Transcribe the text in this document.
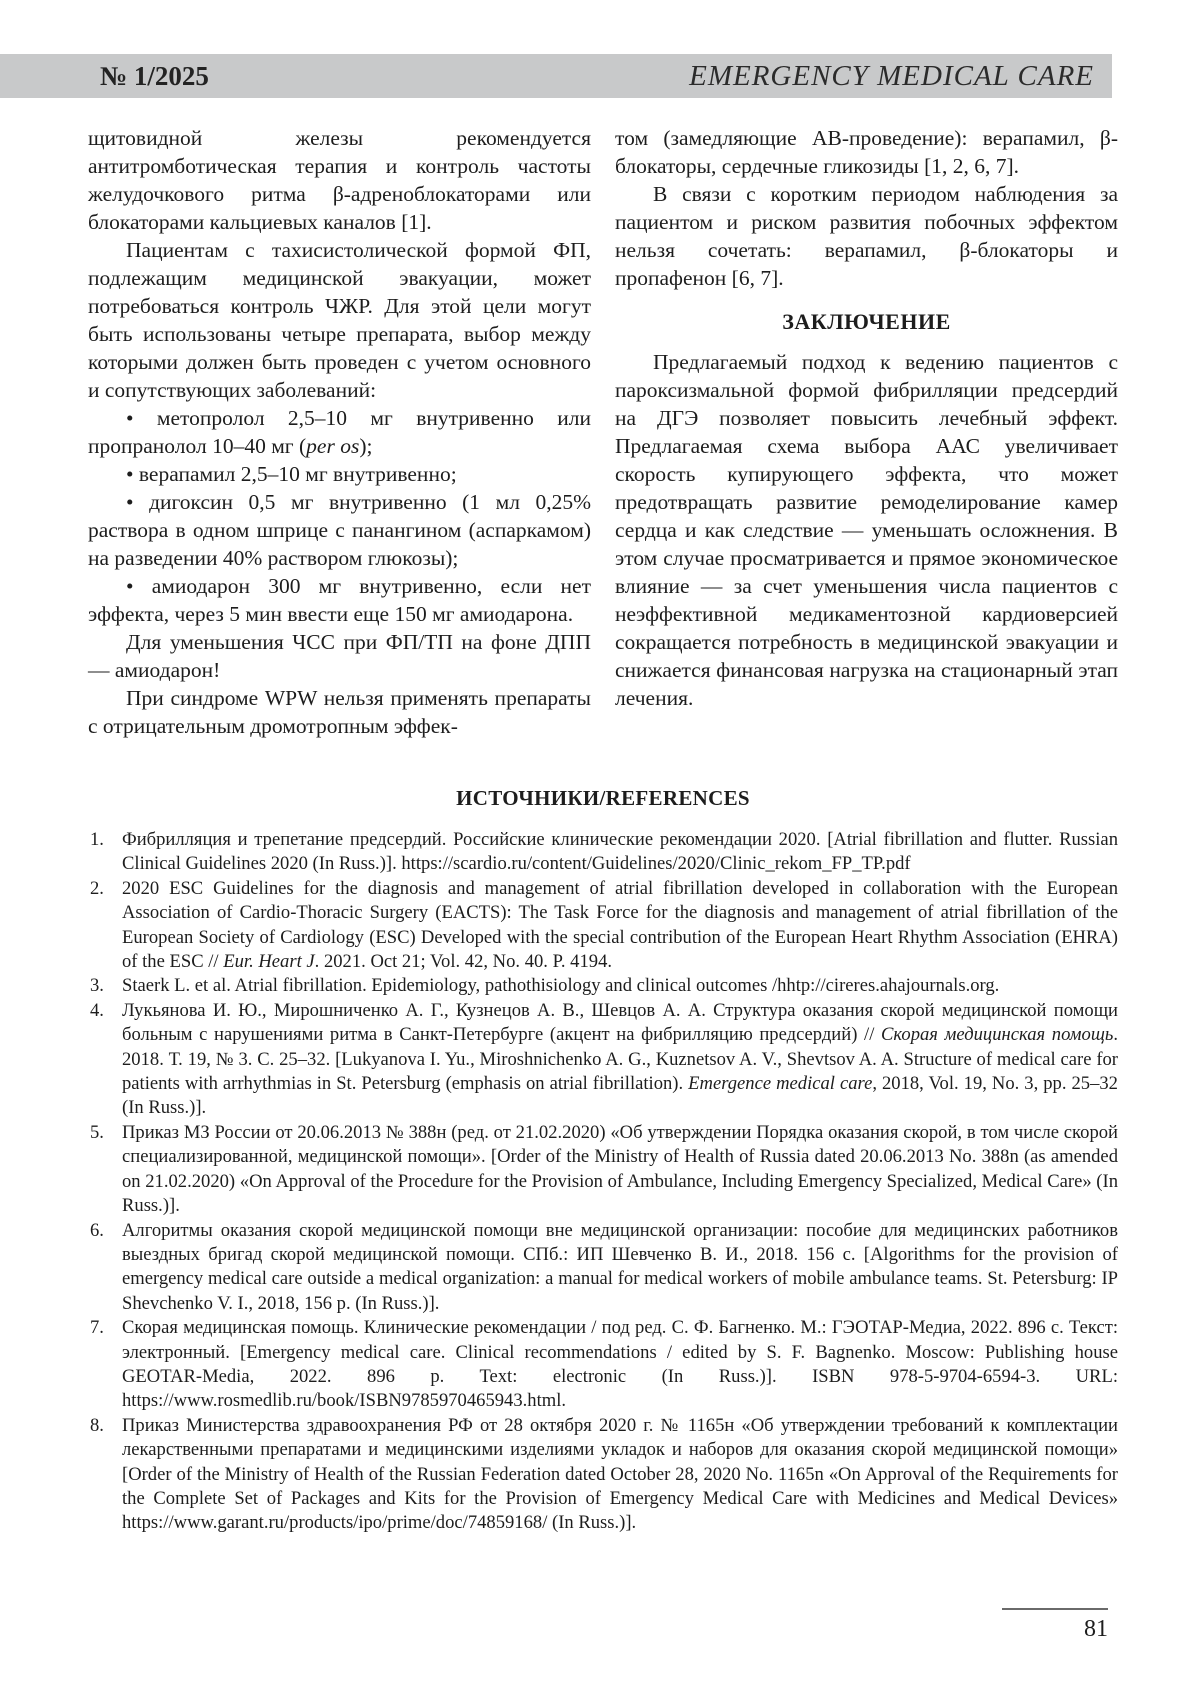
№ 1/2025	EMERGENCY MEDICAL CARE

щитовидной железы рекомендуется антитромботическая терапия и контроль частоты желудочкового ритма β-адреноблокаторами или блокаторами кальциевых каналов [1].

Пациентам с тахисистолической формой ФП, подлежащим медицинской эвакуации, может потребоваться контроль ЧЖР. Для этой цели могут быть использованы четыре препарата, выбор между которыми должен быть проведен с учетом основного и сопутствующих заболеваний:

• метопролол 2,5–10 мг внутривенно или пропранолол 10–40 мг (per os);

• верапамил 2,5–10 мг внутривенно;

• дигоксин 0,5 мг внутривенно (1 мл 0,25% раствора в одном шприце с панангином (аспаркамом) на разведении 40% раствором глюкозы);

• амиодарон 300 мг внутривенно, если нет эффекта, через 5 мин ввести еще 150 мг амиодарона.

Для уменьшения ЧСС при ФП/ТП на фоне ДПП — амиодарон!

При синдроме WPW нельзя применять препараты с отрицательным дромотропным эффек-

том (замедляющие АВ-проведение): верапамил, β-блокаторы, сердечные гликозиды [1, 2, 6, 7].

В связи с коротким периодом наблюдения за пациентом и риском развития побочных эффектом нельзя сочетать: верапамил, β-блокаторы и пропафенон [6, 7].

ЗАКЛЮЧЕНИЕ

Предлагаемый подход к ведению пациентов с пароксизмальной формой фибрилляции предсердий на ДГЭ позволяет повысить лечебный эффект. Предлагаемая схема выбора ААС увеличивает скорость купирующего эффекта, что может предотвращать развитие ремоделирование камер сердца и как следствие — уменьшать осложнения. В этом случае просматривается и прямое экономическое влияние — за счет уменьшения числа пациентов с неэффективной медикаментозной кардиоверсией сокращается потребность в медицинской эвакуации и снижается финансовая нагрузка на стационарный этап лечения.

ИСТОЧНИКИ/REFERENCES
1. Фибрилляция и трепетание предсердий. Российские клинические рекомендации 2020. [Atrial fibrillation and flutter. Russian Clinical Guidelines 2020 (In Russ.)]. https://scardio.ru/content/Guidelines/2020/Clinic_rekom_FP_TP.pdf
2. 2020 ESC Guidelines for the diagnosis and management of atrial fibrillation developed in collaboration with the European Association of Cardio-Thoracic Surgery (EACTS): The Task Force for the diagnosis and management of atrial fibrillation of the European Society of Cardiology (ESC) Developed with the special contribution of the European Heart Rhythm Association (EHRA) of the ESC // Eur. Heart J. 2021. Oct 21; Vol. 42, No. 40. P. 4194.
3. Staerk L. et al. Atrial fibrillation. Epidemiology, pathothisiology and clinical outcomes /hhtp://cireres.ahajournals.org.
4. Лукьянова И. Ю., Мирошниченко А. Г., Кузнецов А. В., Шевцов А. А. Структура оказания скорой медицинской помощи больным с нарушениями ритма в Санкт-Петербурге (акцент на фибрилляцию предсердий) // Скорая медицинская помощь. 2018. Т. 19, № 3. С. 25–32. [Lukyanova I. Yu., Miroshnichenko A. G., Kuznetsov A. V., Shevtsov A. A. Structure of medical care for patients with arrhythmias in St. Petersburg (emphasis on atrial fibrillation). Emergence medical care, 2018, Vol. 19, No. 3, pp. 25–32 (In Russ.)].
5. Приказ МЗ России от 20.06.2013 № 388н (ред. от 21.02.2020) «Об утверждении Порядка оказания скорой, в том числе скорой специализированной, медицинской помощи». [Order of the Ministry of Health of Russia dated 20.06.2013 No. 388n (as amended on 21.02.2020) «On Approval of the Procedure for the Provision of Ambulance, Including Emergency Specialized, Medical Care» (In Russ.)].
6. Алгоритмы оказания скорой медицинской помощи вне медицинской организации: пособие для медицинских работников выездных бригад скорой медицинской помощи. СПб.: ИП Шевченко В. И., 2018. 156 с. [Algorithms for the provision of emergency medical care outside a medical organization: a manual for medical workers of mobile ambulance teams. St. Petersburg: IP Shevchenko V. I., 2018, 156 p. (In Russ.)].
7. Скорая медицинская помощь. Клинические рекомендации / под ред. С. Ф. Багненко. М.: ГЭОТАР-Медиа, 2022. 896 с. Текст: электронный. [Emergency medical care. Clinical recommendations / edited by S. F. Bagnenko. Moscow: Publishing house GEOTAR-Media, 2022. 896 p. Text: electronic (In Russ.)]. ISBN 978-5-9704-6594-3. URL: https://www.rosmedlib.ru/book/ISBN9785970465943.html.
8. Приказ Министерства здравоохранения РФ от 28 октября 2020 г. № 1165н «Об утверждении требований к комплектации лекарственными препаратами и медицинскими изделиями укладок и наборов для оказания скорой медицинской помощи» [Order of the Ministry of Health of the Russian Federation dated October 28, 2020 No. 1165n «On Approval of the Requirements for the Complete Set of Packages and Kits for the Provision of Emergency Medical Care with Medicines and Medical Devices» https://www.garant.ru/products/ipo/prime/doc/74859168/ (In Russ.)].
81
